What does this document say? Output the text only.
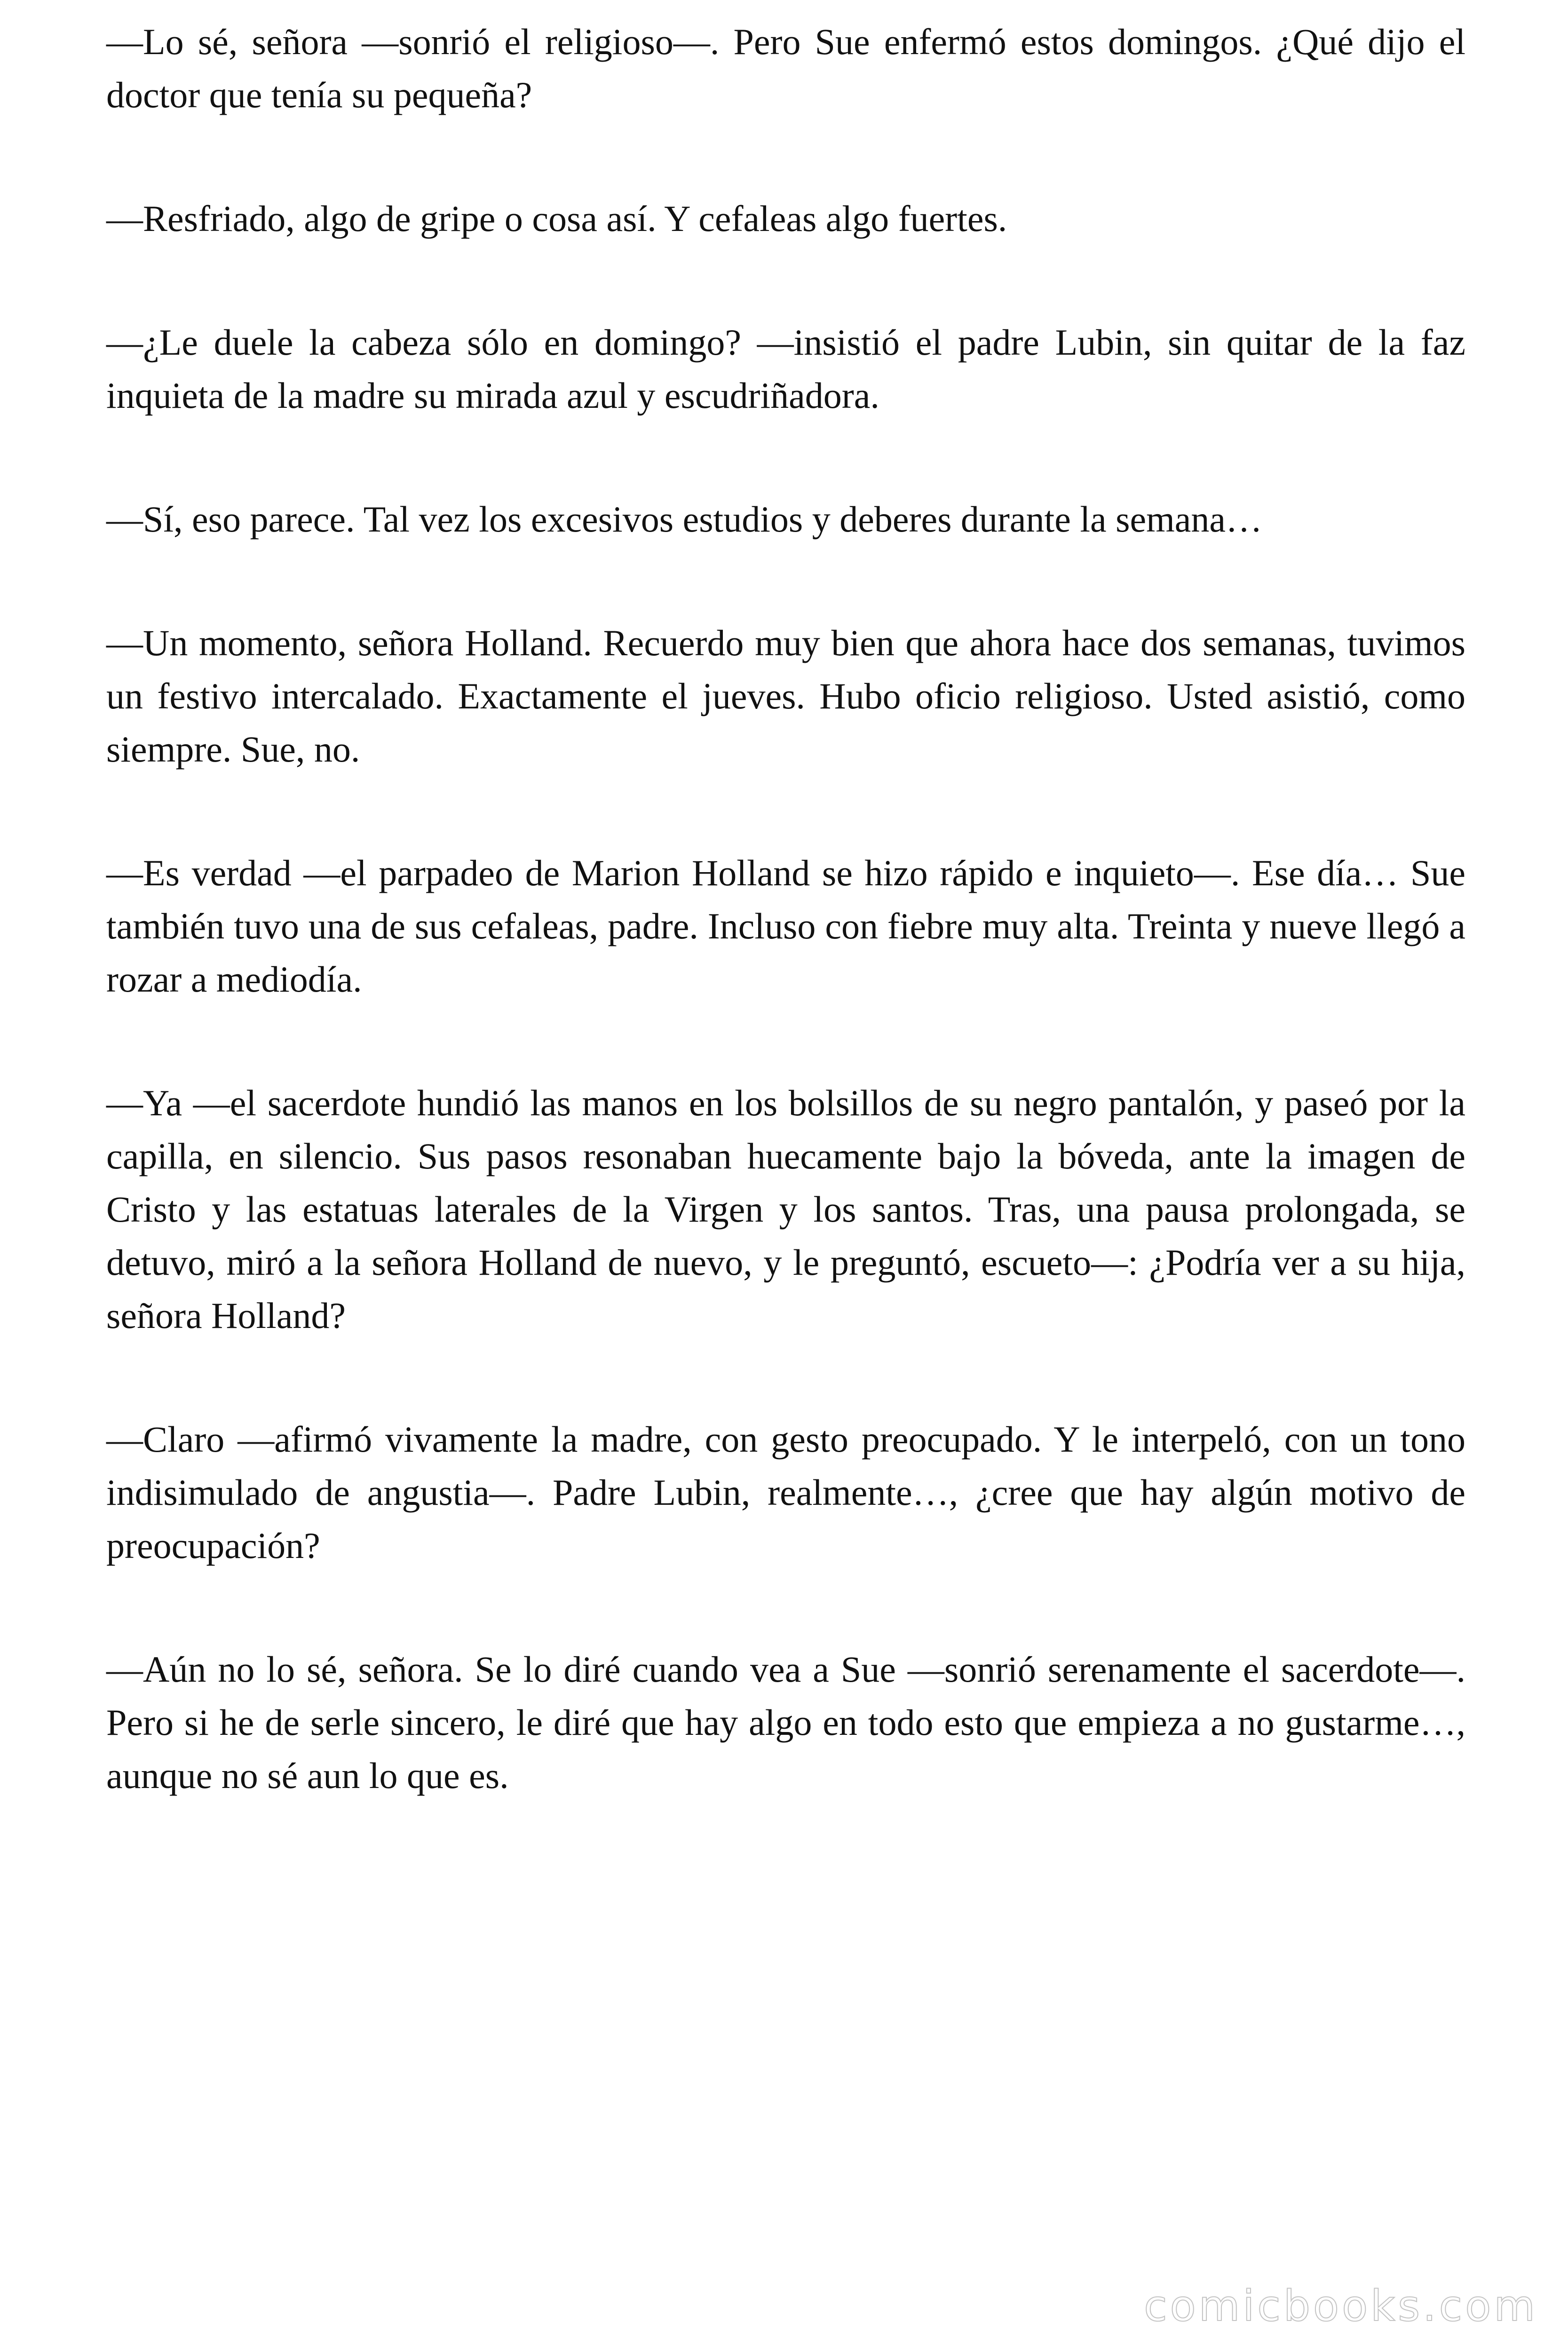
—Lo sé, señora —sonrió el religioso—. Pero Sue enfermó estos domingos. ¿Qué dijo el doctor que tenía su pequeña?

—Resfriado, algo de gripe o cosa así. Y cefaleas algo fuertes.

—¿Le duele la cabeza sólo en domingo? —insistió el padre Lubin, sin quitar de la faz inquieta de la madre su mirada azul y escudriñadora.

—Sí, eso parece. Tal vez los excesivos estudios y deberes durante la semana…

—Un momento, señora Holland. Recuerdo muy bien que ahora hace dos semanas, tuvimos un festivo intercalado. Exactamente el jueves. Hubo oficio religioso. Usted asistió, como siempre. Sue, no.

—Es verdad —el parpadeo de Marion Holland se hizo rápido e inquieto—. Ese día… Sue también tuvo una de sus cefaleas, padre. Incluso con fiebre muy alta. Treinta y nueve llegó a rozar a mediodía.

—Ya —el sacerdote hundió las manos en los bolsillos de su negro pantalón, y paseó por la capilla, en silencio. Sus pasos resonaban huecamente bajo la bóveda, ante la imagen de Cristo y las estatuas laterales de la Virgen y los santos. Tras, una pausa prolongada, se detuvo, miró a la señora Holland de nuevo, y le preguntó, escueto—: ¿Podría ver a su hija, señora Holland?

—Claro —afirmó vivamente la madre, con gesto preocupado. Y le interpeló, con un tono indisimulado de angustia—. Padre Lubin, realmente…, ¿cree que hay algún motivo de preocupación?

—Aún no lo sé, señora. Se lo diré cuando vea a Sue —sonrió serenamente el sacerdote—. Pero si he de serle sincero, le diré que hay algo en todo esto que empieza a no gustarme…, aunque no sé aun lo que es.

comicbooks.com
